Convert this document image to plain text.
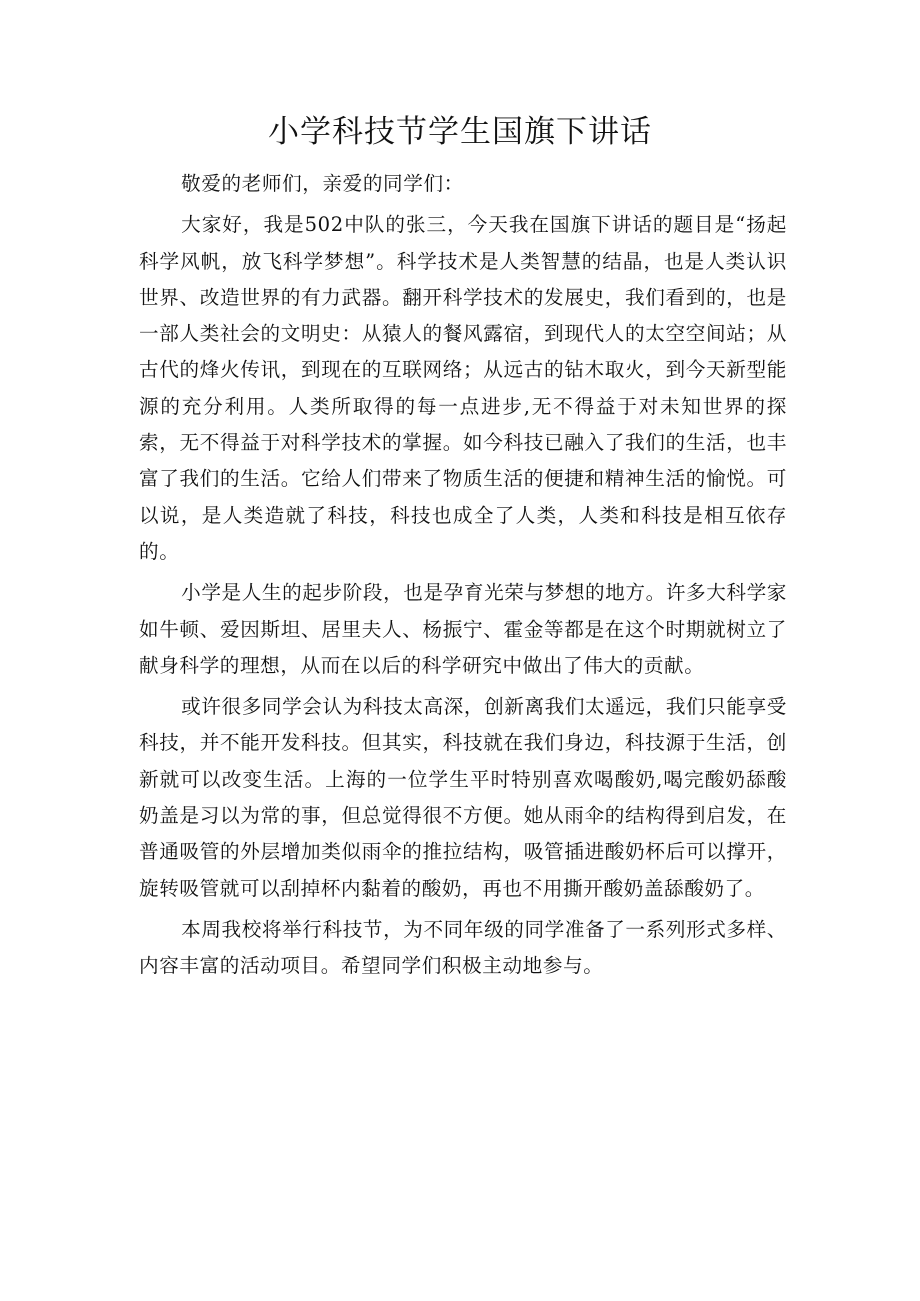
小学科技节学生国旗下讲话

敬爱的老师们，亲爱的同学们：

大家好，我是502中队的张三，今天我在国旗下讲话的题目是“扬起科学风帆，放飞科学梦想”。科学技术是人类智慧的结晶，也是人类认识世界、改造世界的有力武器。翻开科学技术的发展史，我们看到的，也是一部人类社会的文明史：从猿人的餐风露宿，到现代人的太空空间站；从古代的烽火传讯，到现在的互联网络；从远古的钻木取火，到今天新型能源的充分利用。人类所取得的每一点进步,无不得益于对未知世界的探索，无不得益于对科学技术的掌握。如今科技已融入了我们的生活，也丰富了我们的生活。它给人们带来了物质生活的便捷和精神生活的愉悦。可以说，是人类造就了科技，科技也成全了人类，人类和科技是相互依存的。

小学是人生的起步阶段，也是孕育光荣与梦想的地方。许多大科学家如牛顿、爱因斯坦、居里夫人、杨振宁、霍金等都是在这个时期就树立了献身科学的理想，从而在以后的科学研究中做出了伟大的贡献。

或许很多同学会认为科技太高深，创新离我们太遥远，我们只能享受科技，并不能开发科技。但其实，科技就在我们身边，科技源于生活，创新就可以改变生活。上海的一位学生平时特别喜欢喝酸奶,喝完酸奶舔酸奶盖是习以为常的事，但总觉得很不方便。她从雨伞的结构得到启发，在普通吸管的外层增加类似雨伞的推拉结构，吸管插进酸奶杯后可以撑开，旋转吸管就可以刮掉杯内黏着的酸奶，再也不用撕开酸奶盖舔酸奶了。

本周我校将举行科技节，为不同年级的同学准备了一系列形式多样、内容丰富的活动项目。希望同学们积极主动地参与。
